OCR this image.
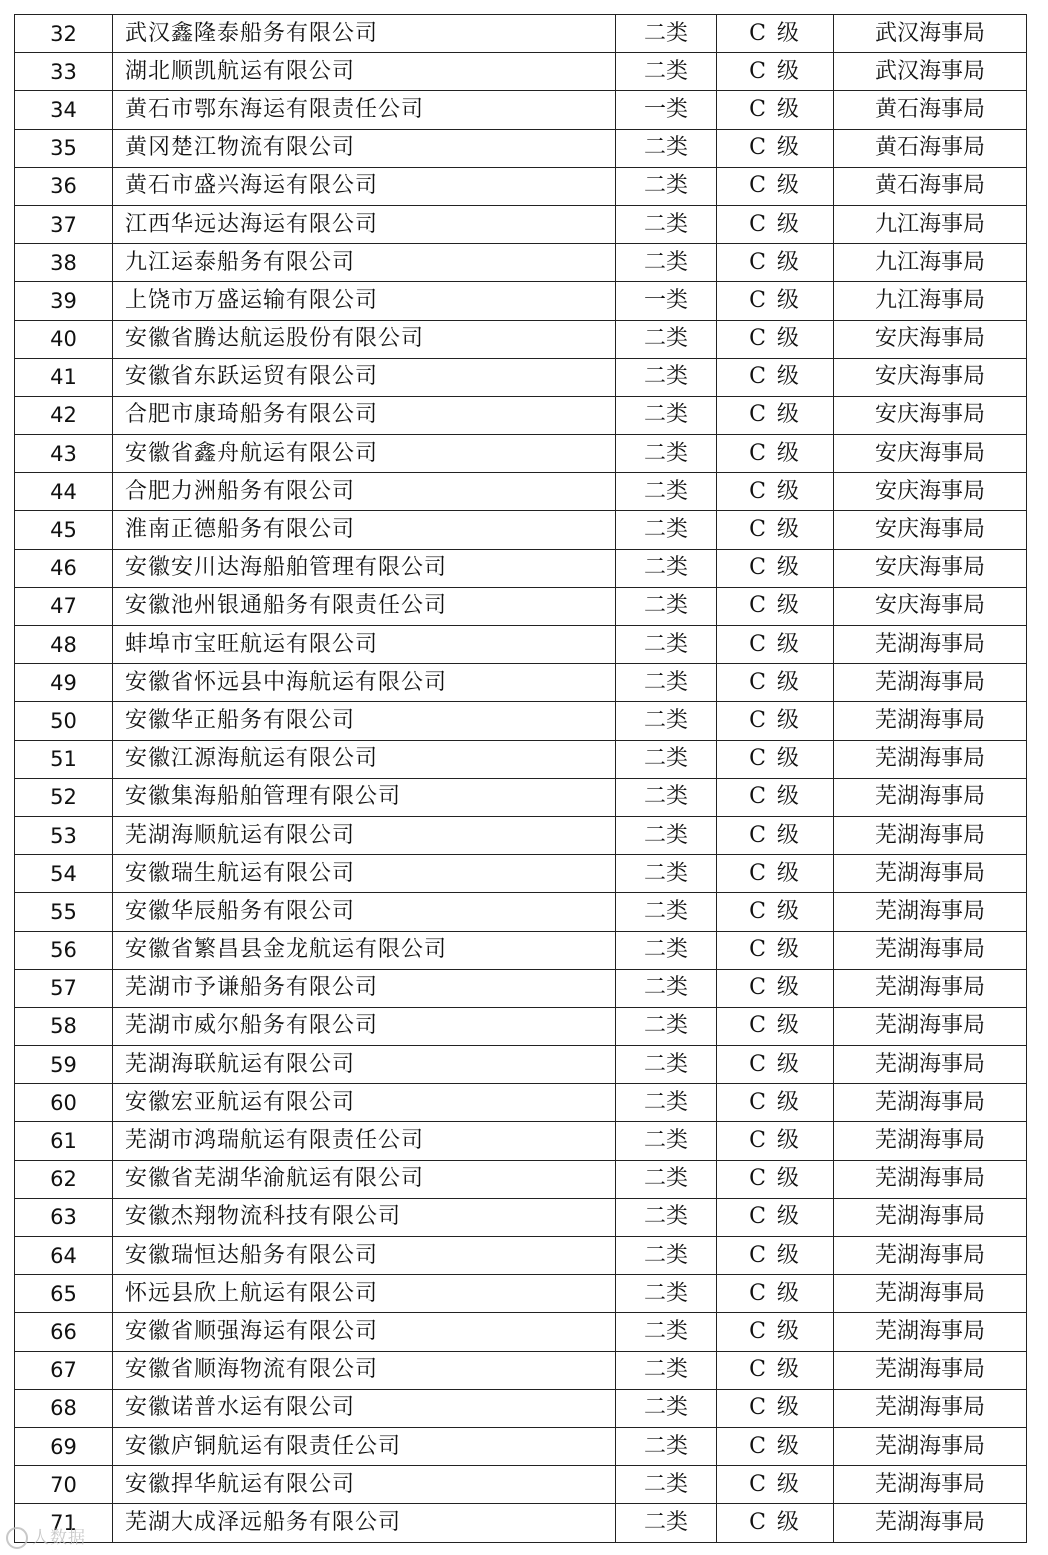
32	武汉鑫隆泰船务有限公司	二类	C 级	武汉海事局
33	湖北顺凯航运有限公司	二类	C 级	武汉海事局
34	黄石市鄂东海运有限责任公司	一类	C 级	黄石海事局
35	黄冈楚江物流有限公司	二类	C 级	黄石海事局
36	黄石市盛兴海运有限公司	二类	C 级	黄石海事局
37	江西华远达海运有限公司	二类	C 级	九江海事局
38	九江运泰船务有限公司	二类	C 级	九江海事局
39	上饶市万盛运输有限公司	一类	C 级	九江海事局
40	安徽省腾达航运股份有限公司	二类	C 级	安庆海事局
41	安徽省东跃运贸有限公司	二类	C 级	安庆海事局
42	合肥市康琦船务有限公司	二类	C 级	安庆海事局
43	安徽省鑫舟航运有限公司	二类	C 级	安庆海事局
44	合肥力洲船务有限公司	二类	C 级	安庆海事局
45	淮南正德船务有限公司	二类	C 级	安庆海事局
46	安徽安川达海船舶管理有限公司	二类	C 级	安庆海事局
47	安徽池州银通船务有限责任公司	二类	C 级	安庆海事局
48	蚌埠市宝旺航运有限公司	二类	C 级	芜湖海事局
49	安徽省怀远县中海航运有限公司	二类	C 级	芜湖海事局
50	安徽华正船务有限公司	二类	C 级	芜湖海事局
51	安徽江源海航运有限公司	二类	C 级	芜湖海事局
52	安徽集海船舶管理有限公司	二类	C 级	芜湖海事局
53	芜湖海顺航运有限公司	二类	C 级	芜湖海事局
54	安徽瑞生航运有限公司	二类	C 级	芜湖海事局
55	安徽华辰船务有限公司	二类	C 级	芜湖海事局
56	安徽省繁昌县金龙航运有限公司	二类	C 级	芜湖海事局
57	芜湖市予谦船务有限公司	二类	C 级	芜湖海事局
58	芜湖市威尔船务有限公司	二类	C 级	芜湖海事局
59	芜湖海联航运有限公司	二类	C 级	芜湖海事局
60	安徽宏亚航运有限公司	二类	C 级	芜湖海事局
61	芜湖市鸿瑞航运有限责任公司	二类	C 级	芜湖海事局
62	安徽省芜湖华渝航运有限公司	二类	C 级	芜湖海事局
63	安徽杰翔物流科技有限公司	二类	C 级	芜湖海事局
64	安徽瑞恒达船务有限公司	二类	C 级	芜湖海事局
65	怀远县欣上航运有限公司	二类	C 级	芜湖海事局
66	安徽省顺强海运有限公司	二类	C 级	芜湖海事局
67	安徽省顺海物流有限公司	二类	C 级	芜湖海事局
68	安徽诺普水运有限公司	二类	C 级	芜湖海事局
69	安徽庐铜航运有限责任公司	二类	C 级	芜湖海事局
70	安徽捍华航运有限公司	二类	C 级	芜湖海事局
71	芜湖大成泽远船务有限公司	二类	C 级	芜湖海事局
人数据
